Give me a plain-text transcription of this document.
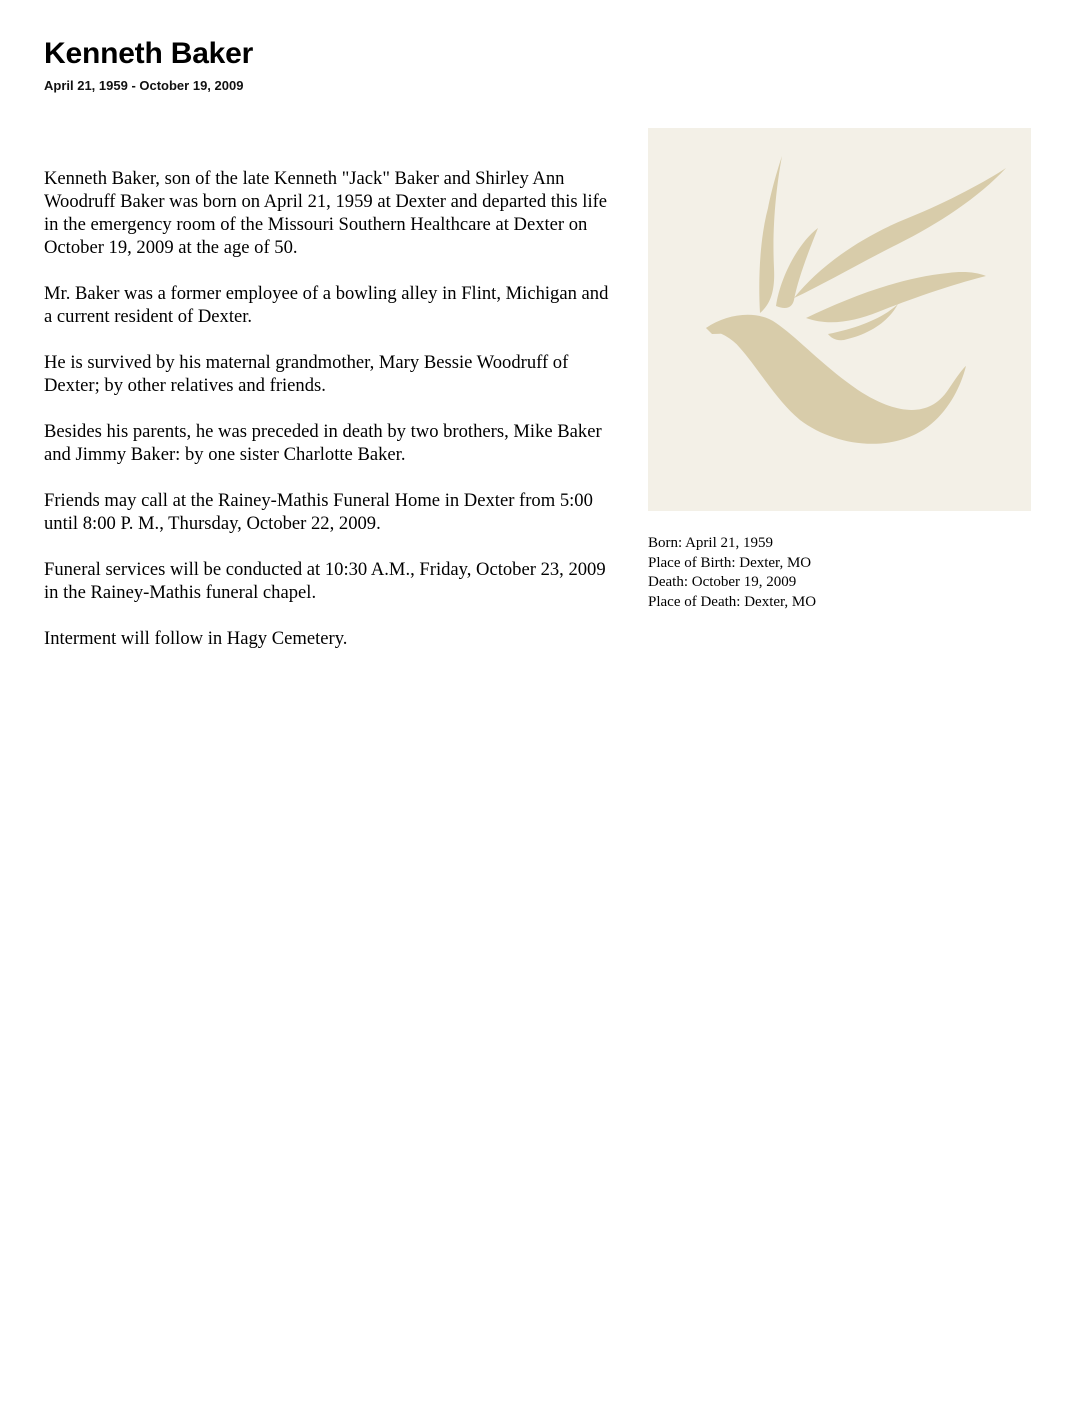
Kenneth Baker
April 21, 1959 - October 19, 2009

Kenneth Baker, son of the late Kenneth "Jack" Baker and Shirley Ann Woodruff Baker was born on April 21, 1959 at Dexter and departed this life in the emergency room of the Missouri Southern Healthcare at Dexter on October 19, 2009 at the age of 50.

Mr. Baker was a former employee of a bowling alley in Flint, Michigan and a current resident of Dexter.

He is survived by his maternal grandmother, Mary Bessie Woodruff of Dexter; by other relatives and friends.

Besides his parents, he was preceded in death by two brothers, Mike Baker and Jimmy Baker: by one sister Charlotte Baker.

Friends may call at the Rainey-Mathis Funeral Home in Dexter from 5:00 until 8:00 P. M., Thursday, October 22, 2009.

Funeral services will be conducted at 10:30 A.M., Friday, October 23, 2009 in the Rainey-Mathis funeral chapel.

Interment will follow in Hagy Cemetery.

Born: April 21, 1959
Place of Birth: Dexter, MO
Death: October 19, 2009
Place of Death: Dexter, MO
